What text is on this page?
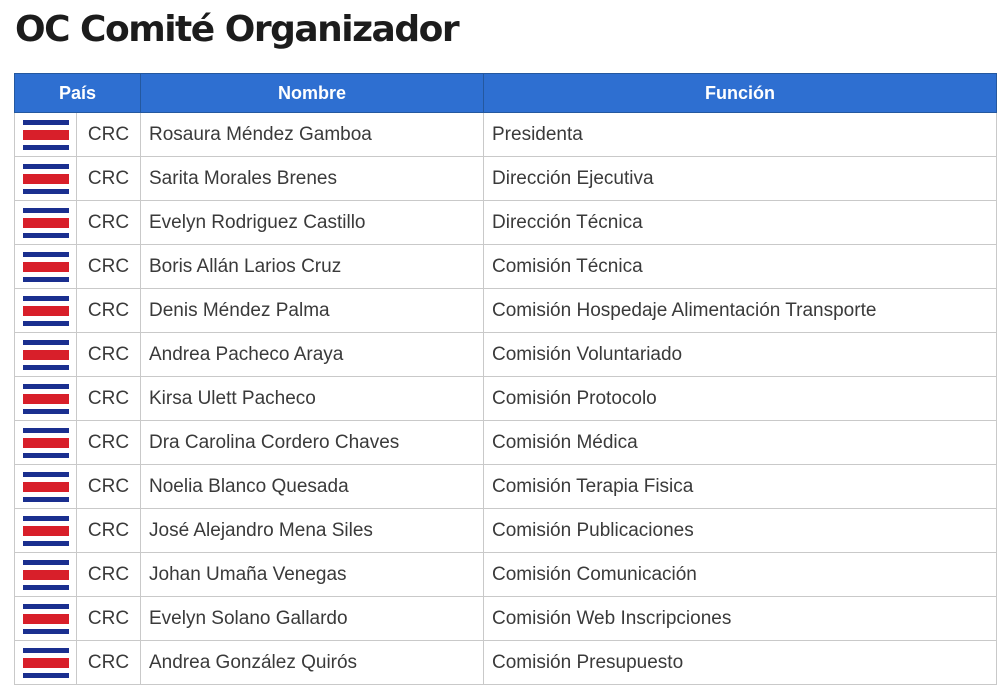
OC Comité Organizador
País		Nombre	Función

	CRC	Rosaura Méndez Gamboa	Presidenta

	CRC	Sarita Morales Brenes	Dirección Ejecutiva

	CRC	Evelyn Rodriguez Castillo	Dirección Técnica

	CRC	Boris Allán Larios Cruz	Comisión Técnica

	CRC	Denis Méndez Palma	Comisión Hospedaje Alimentación Transporte

	CRC	Andrea Pacheco Araya	Comisión Voluntariado

	CRC	Kirsa Ulett Pacheco	Comisión Protocolo

	CRC	Dra Carolina Cordero Chaves	Comisión Médica

	CRC	Noelia Blanco Quesada	Comisión Terapia Fisica

	CRC	José Alejandro Mena Siles	Comisión Publicaciones

	CRC	Johan Umaña Venegas	Comisión Comunicación

	CRC	Evelyn Solano Gallardo	Comisión Web Inscripciones

	CRC	Andrea González Quirós	Comisión Presupuesto
